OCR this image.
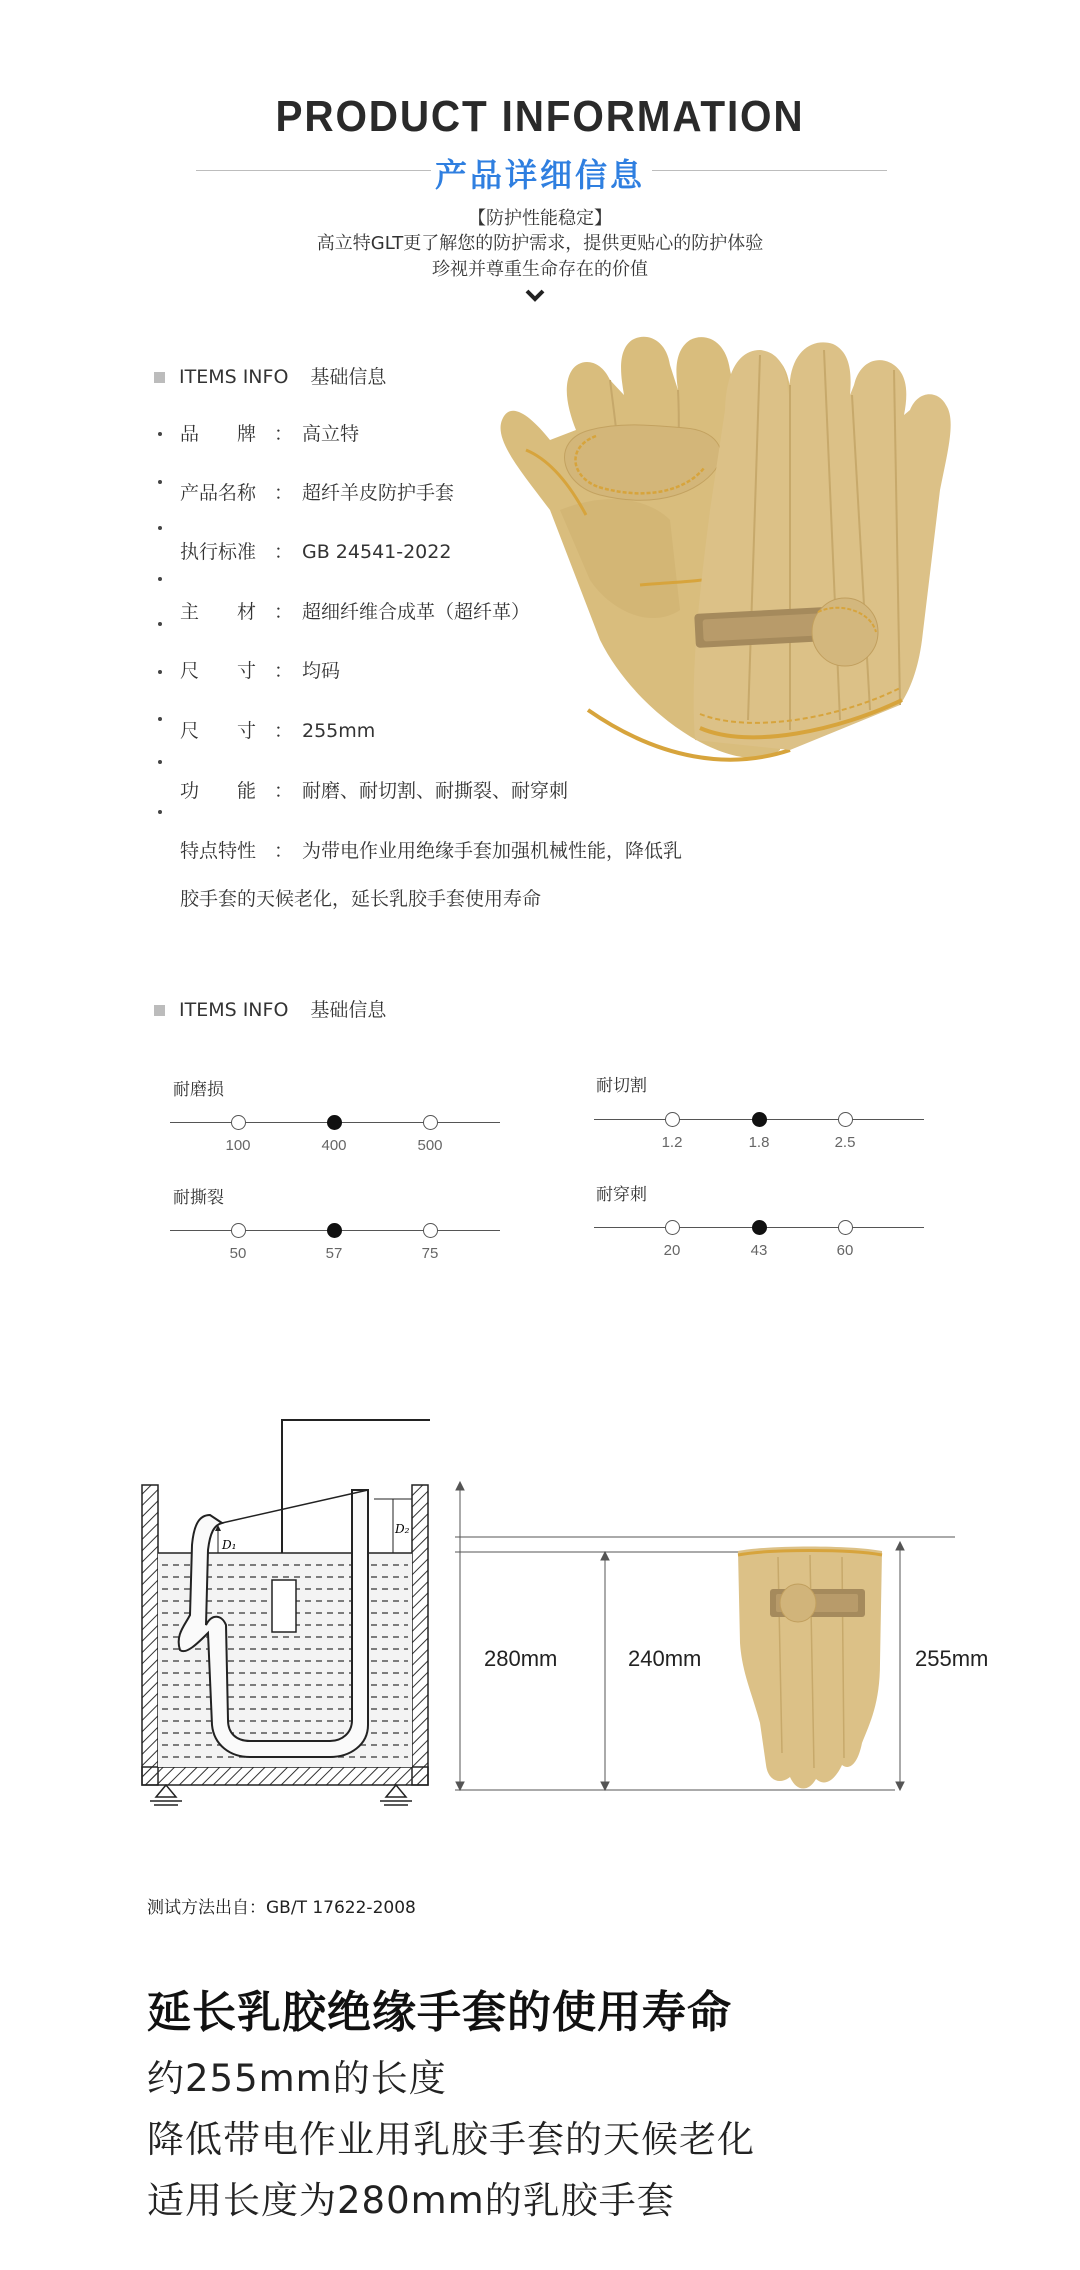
PRODUCT INFORMATION
产品详细信息
【防护性能稳定】
高立特GLT更了解您的防护需求，提供更贴心的防护体验
珍视并尊重生命存在的价值
ITEMS INFO 基础信息
品　　牌 ： 高立特
产品名称 ： 超纤羊皮防护手套
执行标准 ： GB 24541-2022
主　　材 ： 超细纤维合成革（超纤革）
尺　　寸 ： 均码
尺　　寸 ： 255mm
功　　能 ： 耐磨、耐切割、耐撕裂、耐穿刺
特点特性 ： 为带电作业用绝缘手套加强机械性能，降低乳
胶手套的天候老化，延长乳胶手套使用寿命
ITEMS INFO 基础信息
耐磨损
100	400	500
耐切割
1.2	1.8	2.5
耐撕裂
50	57	75
耐穿刺
20	43	60
D₁
D₂
280mm	240mm	255mm
测试方法出自：GB/T 17622-2008
延长乳胶绝缘手套的使用寿命
约255mm的长度
降低带电作业用乳胶手套的天候老化
适用长度为280mm的乳胶手套
